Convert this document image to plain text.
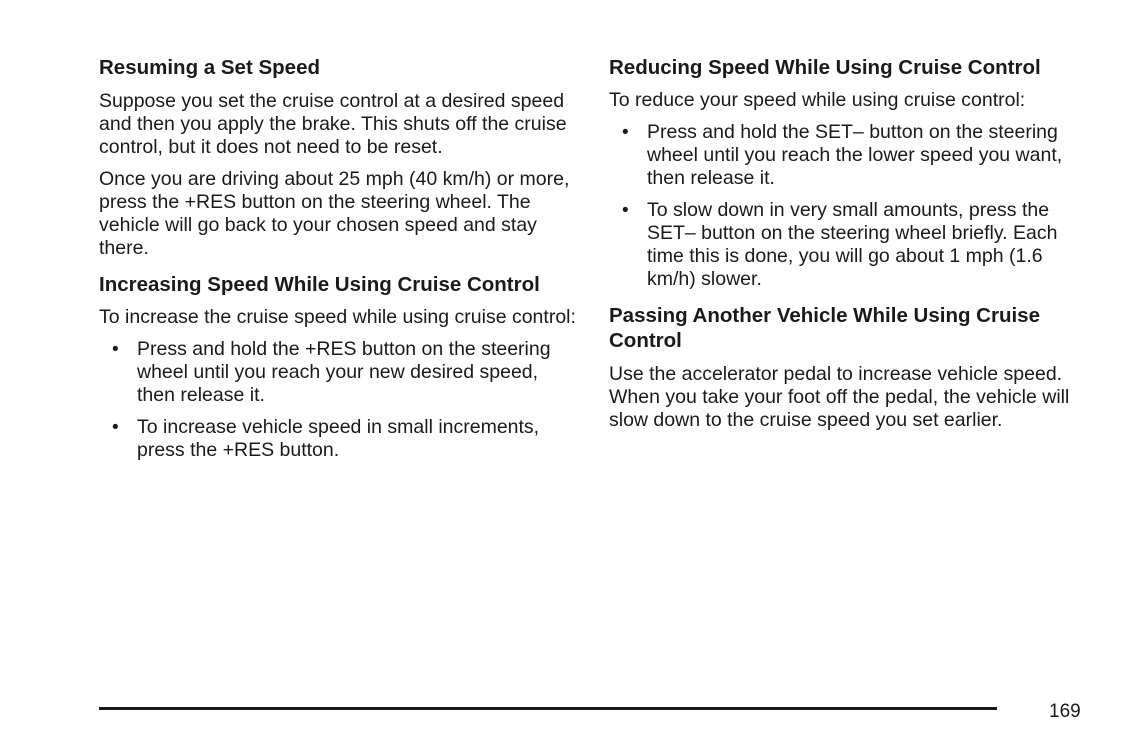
Resuming a Set Speed

Suppose you set the cruise control at a desired speed and then you apply the brake. This shuts off the cruise control, but it does not need to be reset.

Once you are driving about 25 mph (40 km/h) or more, press the +RES button on the steering wheel. The vehicle will go back to your chosen speed and stay there.

Increasing Speed While Using Cruise Control

To increase the cruise speed while using cruise control:

• Press and hold the +RES button on the steering wheel until you reach your new desired speed, then release it.
• To increase vehicle speed in small increments, press the +RES button.
Reducing Speed While Using Cruise Control

To reduce your speed while using cruise control:

• Press and hold the SET– button on the steering wheel until you reach the lower speed you want, then release it.
• To slow down in very small amounts, press the SET– button on the steering wheel briefly. Each time this is done, you will go about 1 mph (1.6 km/h) slower.
Passing Another Vehicle While Using Cruise Control

Use the accelerator pedal to increase vehicle speed. When you take your foot off the pedal, the vehicle will slow down to the cruise speed you set earlier.

169
